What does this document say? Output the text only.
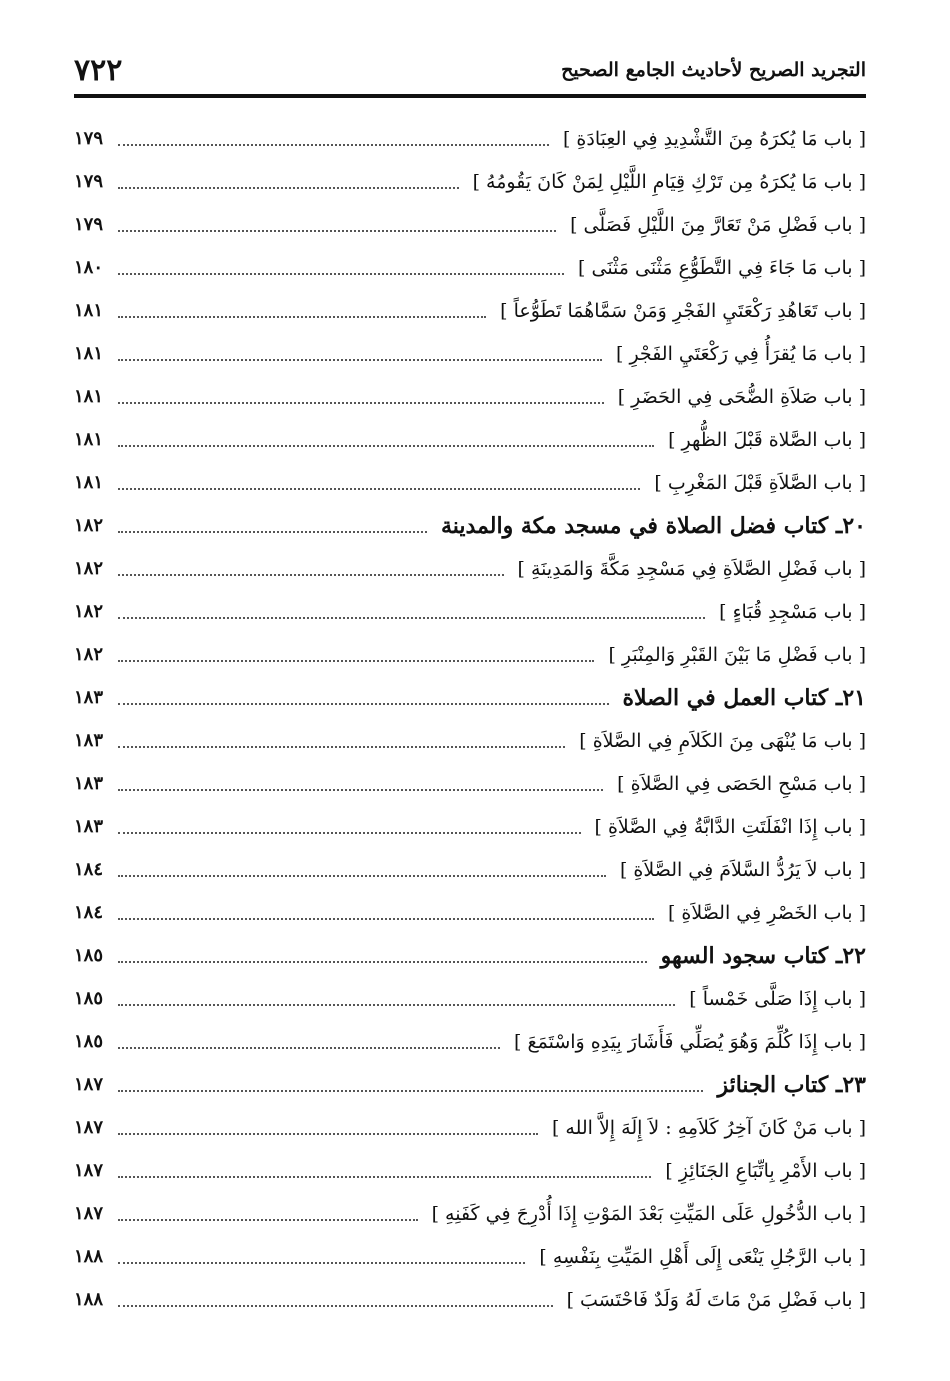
٧٢٢	التجريد الصريح لأحاديث الجامع الصحيح
[ باب مَا يُكرَهُ مِنَ التَّشْدِيدِ فِي العِبَادَةِ ]
١٧٩
[ باب مَا يُكرَهُ مِن تَرْكِ قِيَامِ اللَّيْلِ لِمَنْ كَانَ يَقُومُهُ ]
١٧٩
[ باب فَضْلِ مَنْ تَعَارَّ مِنَ اللَّيْلِ فَصَلَّى ]
١٧٩
[ باب مَا جَاءَ فِي التَّطَوُّعِ مَثْنَى مَثْنَى ]
١٨٠
[ باب تَعَاهُدِ رَكْعَتَيِ الفَجْرِ وَمَنْ سَمَّاهُمَا تَطَوُّعاً ]
١٨١
[ باب مَا يُقرَأُ فِي رَكْعَتَيِ الفَجْرِ ]
١٨١
[ باب صَلاَةِ الضُّحَى فِي الحَضَرِ ]
١٨١
[ باب الصَّلاة قَبْلَ الظُّهرِ ]
١٨١
[ باب الصَّلاَةِ قَبْلَ المَغْرِبِ ]
١٨١
٢٠ـ كتاب فضل الصلاة في مسجد مكة والمدينة
١٨٢
[ باب فَضْلِ الصَّلاَةِ فِي مَسْجِدِ مَكَّةَ وَالمَدِينَةِ ]
١٨٢
[ باب مَسْجِدِ قُبَاءٍ ]
١٨٢
[ باب فَضْلِ مَا بَيْنَ القَبْرِ وَالمِنْبَرِ ]
١٨٢
٢١ـ كتاب العمل في الصلاة
١٨٣
[ باب مَا يُنْهَى مِنَ الكَلاَمِ فِي الصَّلاَةِ ]
١٨٣
[ باب مَسْحِ الحَصَى فِي الصَّلاَةِ ]
١٨٣
[ باب إِذَا انْفَلَتَتِ الدَّابَّةُ فِي الصَّلاَةِ ]
١٨٣
[ باب لاَ يَرُدُّ السَّلاَمَ فِي الصَّلاَةِ ]
١٨٤
[ باب الخَصْرِ فِي الصَّلاَةِ ]
١٨٤
٢٢ـ كتاب سجود السهو
١٨٥
[ باب إِذَا صَلَّى خَمْساً ]
١٨٥
[ باب إِذَا كُلِّمَ وَهُوَ يُصَلِّي فَأَشَارَ بِيَدِهِ وَاسْتَمَعَ ]
١٨٥
٢٣ـ كتاب الجنائز
١٨٧
[ باب مَنْ كَانَ آخِرُ كَلاَمِهِ : لاَ إِلَهَ إِلاَّ الله ]
١٨٧
[ باب الأَمْرِ بِاتِّبَاعِ الجَنَائِزِ ]
١٨٧
[ باب الدُّخُولِ عَلَى المَيِّتِ بَعْدَ المَوْتِ إِذَا أُدْرِجَ فِي كَفَنِهِ ]
١٨٧
[ باب الرَّجُلِ يَنْعَى إِلَى أَهْلِ المَيِّتِ بِنَفْسِهِ ]
١٨٨
[ باب فَضْلِ مَنْ مَاتَ لَهُ وَلَدٌ فَاحْتَسَبَ ]
١٨٨
